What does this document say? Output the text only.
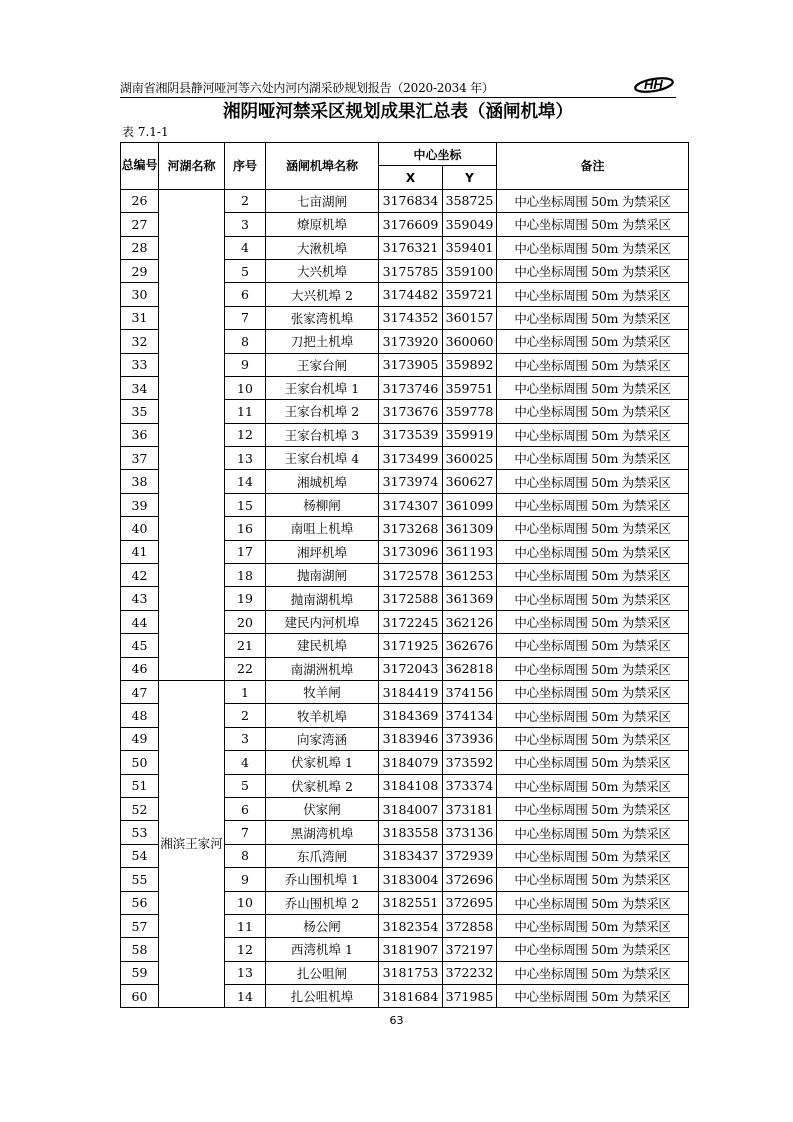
湖南省湘阴县静河哑河等六处内河内湖采砂规划报告（2020-2034 年）	HH
湘阴哑河禁采区规划成果汇总表（涵闸机埠）
表 7.1-1
总编号	河湖名称	序号	涵闸机埠名称	中心坐标		备注
				X	Y	
26		2	七亩湖闸	3176834	358725	中心坐标周围 50m 为禁采区
27		3	燎原机埠	3176609	359049	中心坐标周围 50m 为禁采区
28		4	大湫机埠	3176321	359401	中心坐标周围 50m 为禁采区
29		5	大兴机埠	3175785	359100	中心坐标周围 50m 为禁采区
30		6	大兴机埠 2	3174482	359721	中心坐标周围 50m 为禁采区
31		7	张家湾机埠	3174352	360157	中心坐标周围 50m 为禁采区
32		8	刀把土机埠	3173920	360060	中心坐标周围 50m 为禁采区
33		9	王家台闸	3173905	359892	中心坐标周围 50m 为禁采区
34		10	王家台机埠 1	3173746	359751	中心坐标周围 50m 为禁采区
35		11	王家台机埠 2	3173676	359778	中心坐标周围 50m 为禁采区
36		12	王家台机埠 3	3173539	359919	中心坐标周围 50m 为禁采区
37		13	王家台机埠 4	3173499	360025	中心坐标周围 50m 为禁采区
38		14	湘城机埠	3173974	360627	中心坐标周围 50m 为禁采区
39		15	杨柳闸	3174307	361099	中心坐标周围 50m 为禁采区
40		16	南咀上机埠	3173268	361309	中心坐标周围 50m 为禁采区
41		17	湘坪机埠	3173096	361193	中心坐标周围 50m 为禁采区
42		18	抛南湖闸	3172578	361253	中心坐标周围 50m 为禁采区
43		19	抛南湖机埠	3172588	361369	中心坐标周围 50m 为禁采区
44		20	建民内河机埠	3172245	362126	中心坐标周围 50m 为禁采区
45		21	建民机埠	3171925	362676	中心坐标周围 50m 为禁采区
46		22	南湖洲机埠	3172043	362818	中心坐标周围 50m 为禁采区
47	湘滨王家河	1	牧羊闸	3184419	374156	中心坐标周围 50m 为禁采区
48		2	牧羊机埠	3184369	374134	中心坐标周围 50m 为禁采区
49		3	向家湾涵	3183946	373936	中心坐标周围 50m 为禁采区
50		4	伏家机埠 1	3184079	373592	中心坐标周围 50m 为禁采区
51		5	伏家机埠 2	3184108	373374	中心坐标周围 50m 为禁采区
52		6	伏家闸	3184007	373181	中心坐标周围 50m 为禁采区
53		7	黑湖湾机埠	3183558	373136	中心坐标周围 50m 为禁采区
54		8	东爪湾闸	3183437	372939	中心坐标周围 50m 为禁采区
55		9	乔山围机埠 1	3183004	372696	中心坐标周围 50m 为禁采区
56		10	乔山围机埠 2	3182551	372695	中心坐标周围 50m 为禁采区
57		11	杨公闸	3182354	372858	中心坐标周围 50m 为禁采区
58		12	西湾机埠 1	3181907	372197	中心坐标周围 50m 为禁采区
59		13	扎公咀闸	3181753	372232	中心坐标周围 50m 为禁采区
60		14	扎公咀机埠	3181684	371985	中心坐标周围 50m 为禁采区
63
